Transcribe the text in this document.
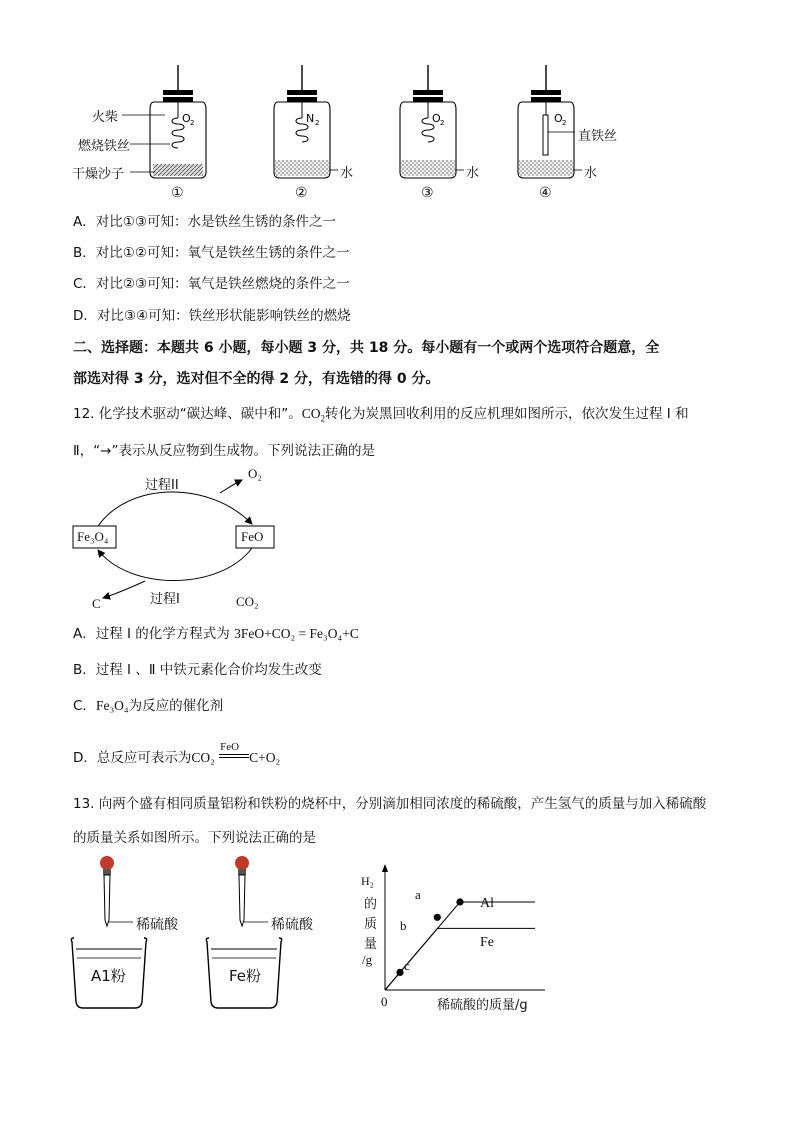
O 2	N 2	O 2	O 2
火柴
燃烧铁丝
干燥沙子	水	水
直铁丝
水
①	②	③	④
A．对比①③可知：水是铁丝生锈的条件之一
B．对比①②可知：氧气是铁丝生锈的条件之一
C．对比②③可知：氧气是铁丝燃烧的条件之一
D．对比③④可知：铁丝形状能影响铁丝的燃烧
二、选择题：本题共 6 小题，每小题 3 分，共 18 分。每小题有一个或两个选项符合题意，全
部选对得 3 分，选对但不全的得 2 分，有选错的得 0 分。
12. 化学技术驱动“碳达峰、碳中和”。$CO_2$转化为炭黑回收利用的反应机理如图所示，依次发生过程 Ⅰ 和
Ⅱ，“→”表示从反应物到生成物。下列说法正确的是
过程II
O₂
Fe₃O₄	FeO
过程I
C	CO₂
A．过程 Ⅰ 的化学方程式为 3FeO+CO₂ = Fe₃O₄+C
B．过程 Ⅰ 、Ⅱ 中铁元素化合价均发生改变
C．Fe₃O₄为反应的催化剂
D．总反应可表示为CO₂
FeO
C+O₂
13. 向两个盛有相同质量铝粉和铁粉的烧杯中，分别滴加相同浓度的稀硫酸，产生氢气的质量与加入稀硫酸
的质量关系如图所示。下列说法正确的是
稀硫酸	稀硫酸
A1粉	Fe粉
H₂
的
质
量
/g
0	稀硫酸的质量/g
a
b
c
Al
Fe
